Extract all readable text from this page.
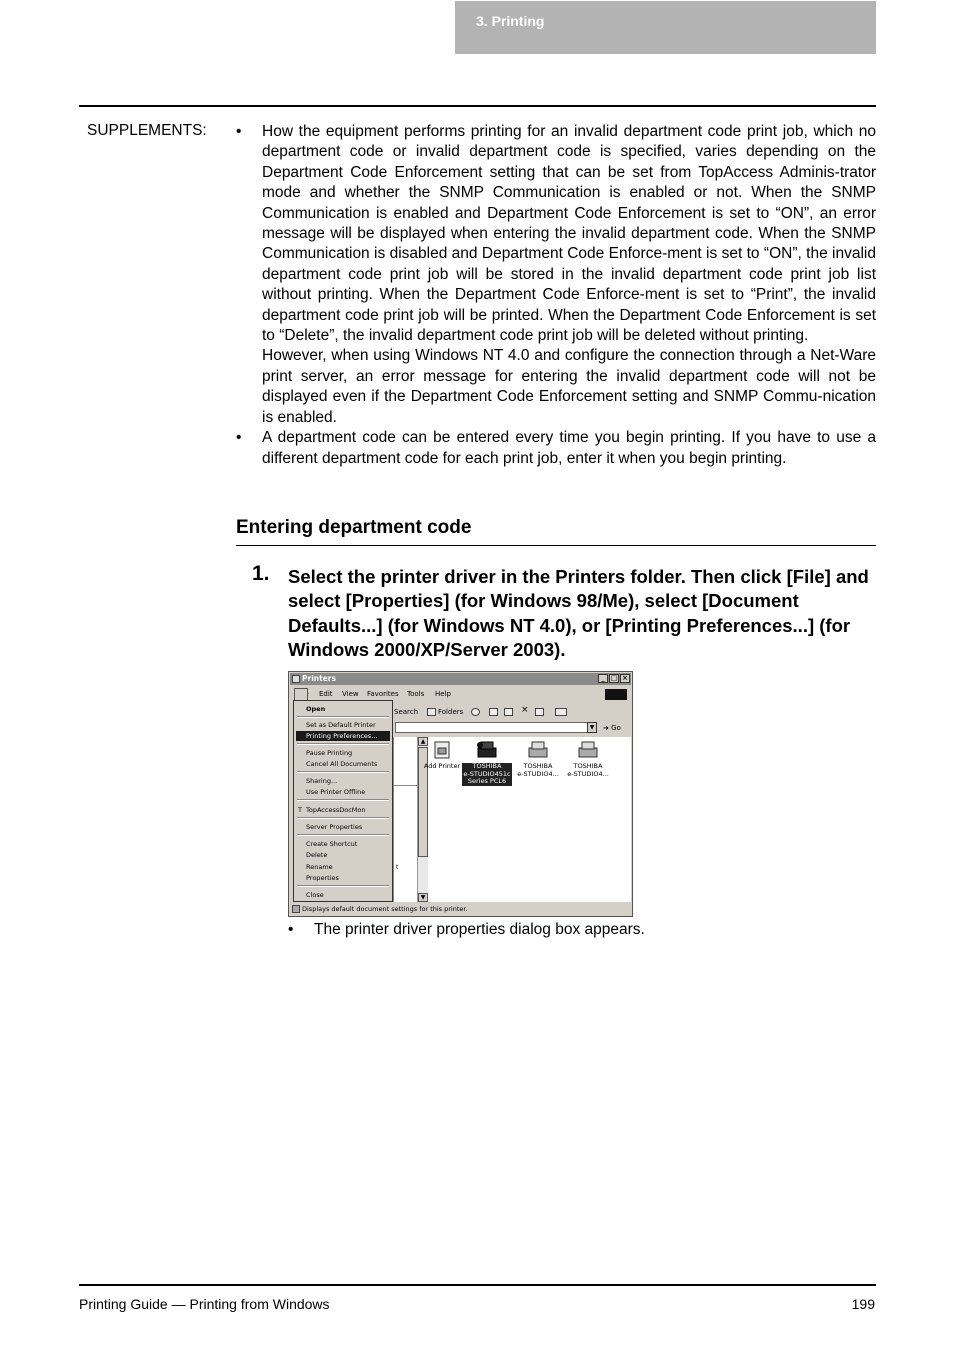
3. Printing
SUPPLEMENTS: • How the equipment performs printing for an invalid department code print job, which no department code or invalid department code is specified, varies depending on the Department Code Enforcement setting that can be set from TopAccess Adminis-trator mode and whether the SNMP Communication is enabled or not. When the SNMP Communication is enabled and Department Code Enforcement is set to “ON”, an error message will be displayed when entering the invalid department code. When the SNMP Communication is disabled and Department Code Enforce-ment is set to “ON”, the invalid department code print job will be stored in the invalid department code print job list without printing. When the Department Code Enforce-ment is set to “Print”, the invalid department code print job will be printed. When the Department Code Enforcement is set to “Delete”, the invalid department code print job will be deleted without printing.

However, when using Windows NT 4.0 and configure the connection through a Net-Ware print server, an error message for entering the invalid department code will not be displayed even if the Department Code Enforcement setting and SNMP Commu-nication is enabled.

• A department code can be entered every time you begin printing. If you have to use a different department code for each print job, enter it when you begin printing.

Entering department code
1. Select the printer driver in the Printers folder. Then click [File] and select [Properties] (for Windows 98/Me), select [Document Defaults...] (for Windows NT 4.0), or [Printing Preferences...] (for Windows 2000/XP/Server 2003).
Printers	_ □ ×
Edit View Favorites Tools Help
Search	Folders	×
▼	➜ Go
t
▲
▼
Add Printer	TOSHIBA
e-STUDIO451c
Series PCL6
TOSHIBA
e-STUDIO4...
TOSHIBA
e-STUDIO4...
Displays default document settings for this printer.
Open
Set as Default Printer
Printing Preferences...
Pause Printing
Cancel All Documents
Sharing...
Use Printer Offline
T TopAccessDocMon
Server Properties
Create Shortcut
Delete
Rename
Properties
Close
• The printer driver properties dialog box appears.
Printing Guide — Printing from Windows	199
